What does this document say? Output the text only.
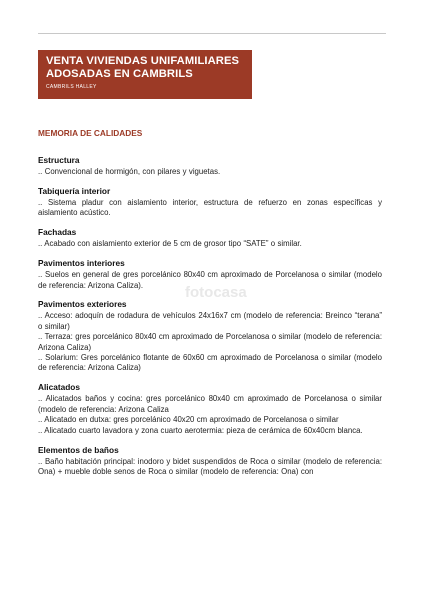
VENTA VIVIENDAS UNIFAMILIARES
ADOSADAS EN CAMBRILS
CAMBRILS HALLEY
MEMORIA DE CALIDADES
fotocasa
Estructura
.. Convencional de hormigón, con pilares y viguetas.
Tabiquería interior
.. Sistema pladur con aislamiento interior, estructura de refuerzo en zonas específicas y aislamiento acústico.
Fachadas
.. Acabado con aislamiento exterior de 5 cm de grosor tipo “SATE” o similar.
Pavimentos interiores
.. Suelos en general de gres porcelánico 80x40 cm aproximado de Porcelanosa o similar (modelo de referencia: Arizona Caliza).
Pavimentos exteriores
.. Acceso: adoquín de rodadura de vehículos 24x16x7 cm (modelo de referencia: Breinco “terana” o similar)
.. Terraza: gres porcelánico 80x40 cm aproximado de Porcelanosa o similar (modelo de referencia: Arizona Caliza)
.. Solarium: Gres porcelánico flotante de 60x60 cm aproximado de Porcelanosa o similar (modelo de referencia: Arizona Caliza)
Alicatados
.. Alicatados baños y cocina: gres porcelánico 80x40 cm aproximado de Porcelanosa o similar (modelo de referencia: Arizona Caliza
.. Alicatado en dutxa: gres porcelánico 40x20 cm aproximado de Porcelanosa o similar
.. Alicatado cuarto lavadora y zona cuarto aerotermia: pieza de cerámica de 60x40cm blanca.
Elementos de baños
.. Baño habitación principal: inodoro y bidet suspendidos de Roca o similar (modelo de referencia: Ona) + mueble doble senos de Roca o similar (modelo de referencia: Ona) con
